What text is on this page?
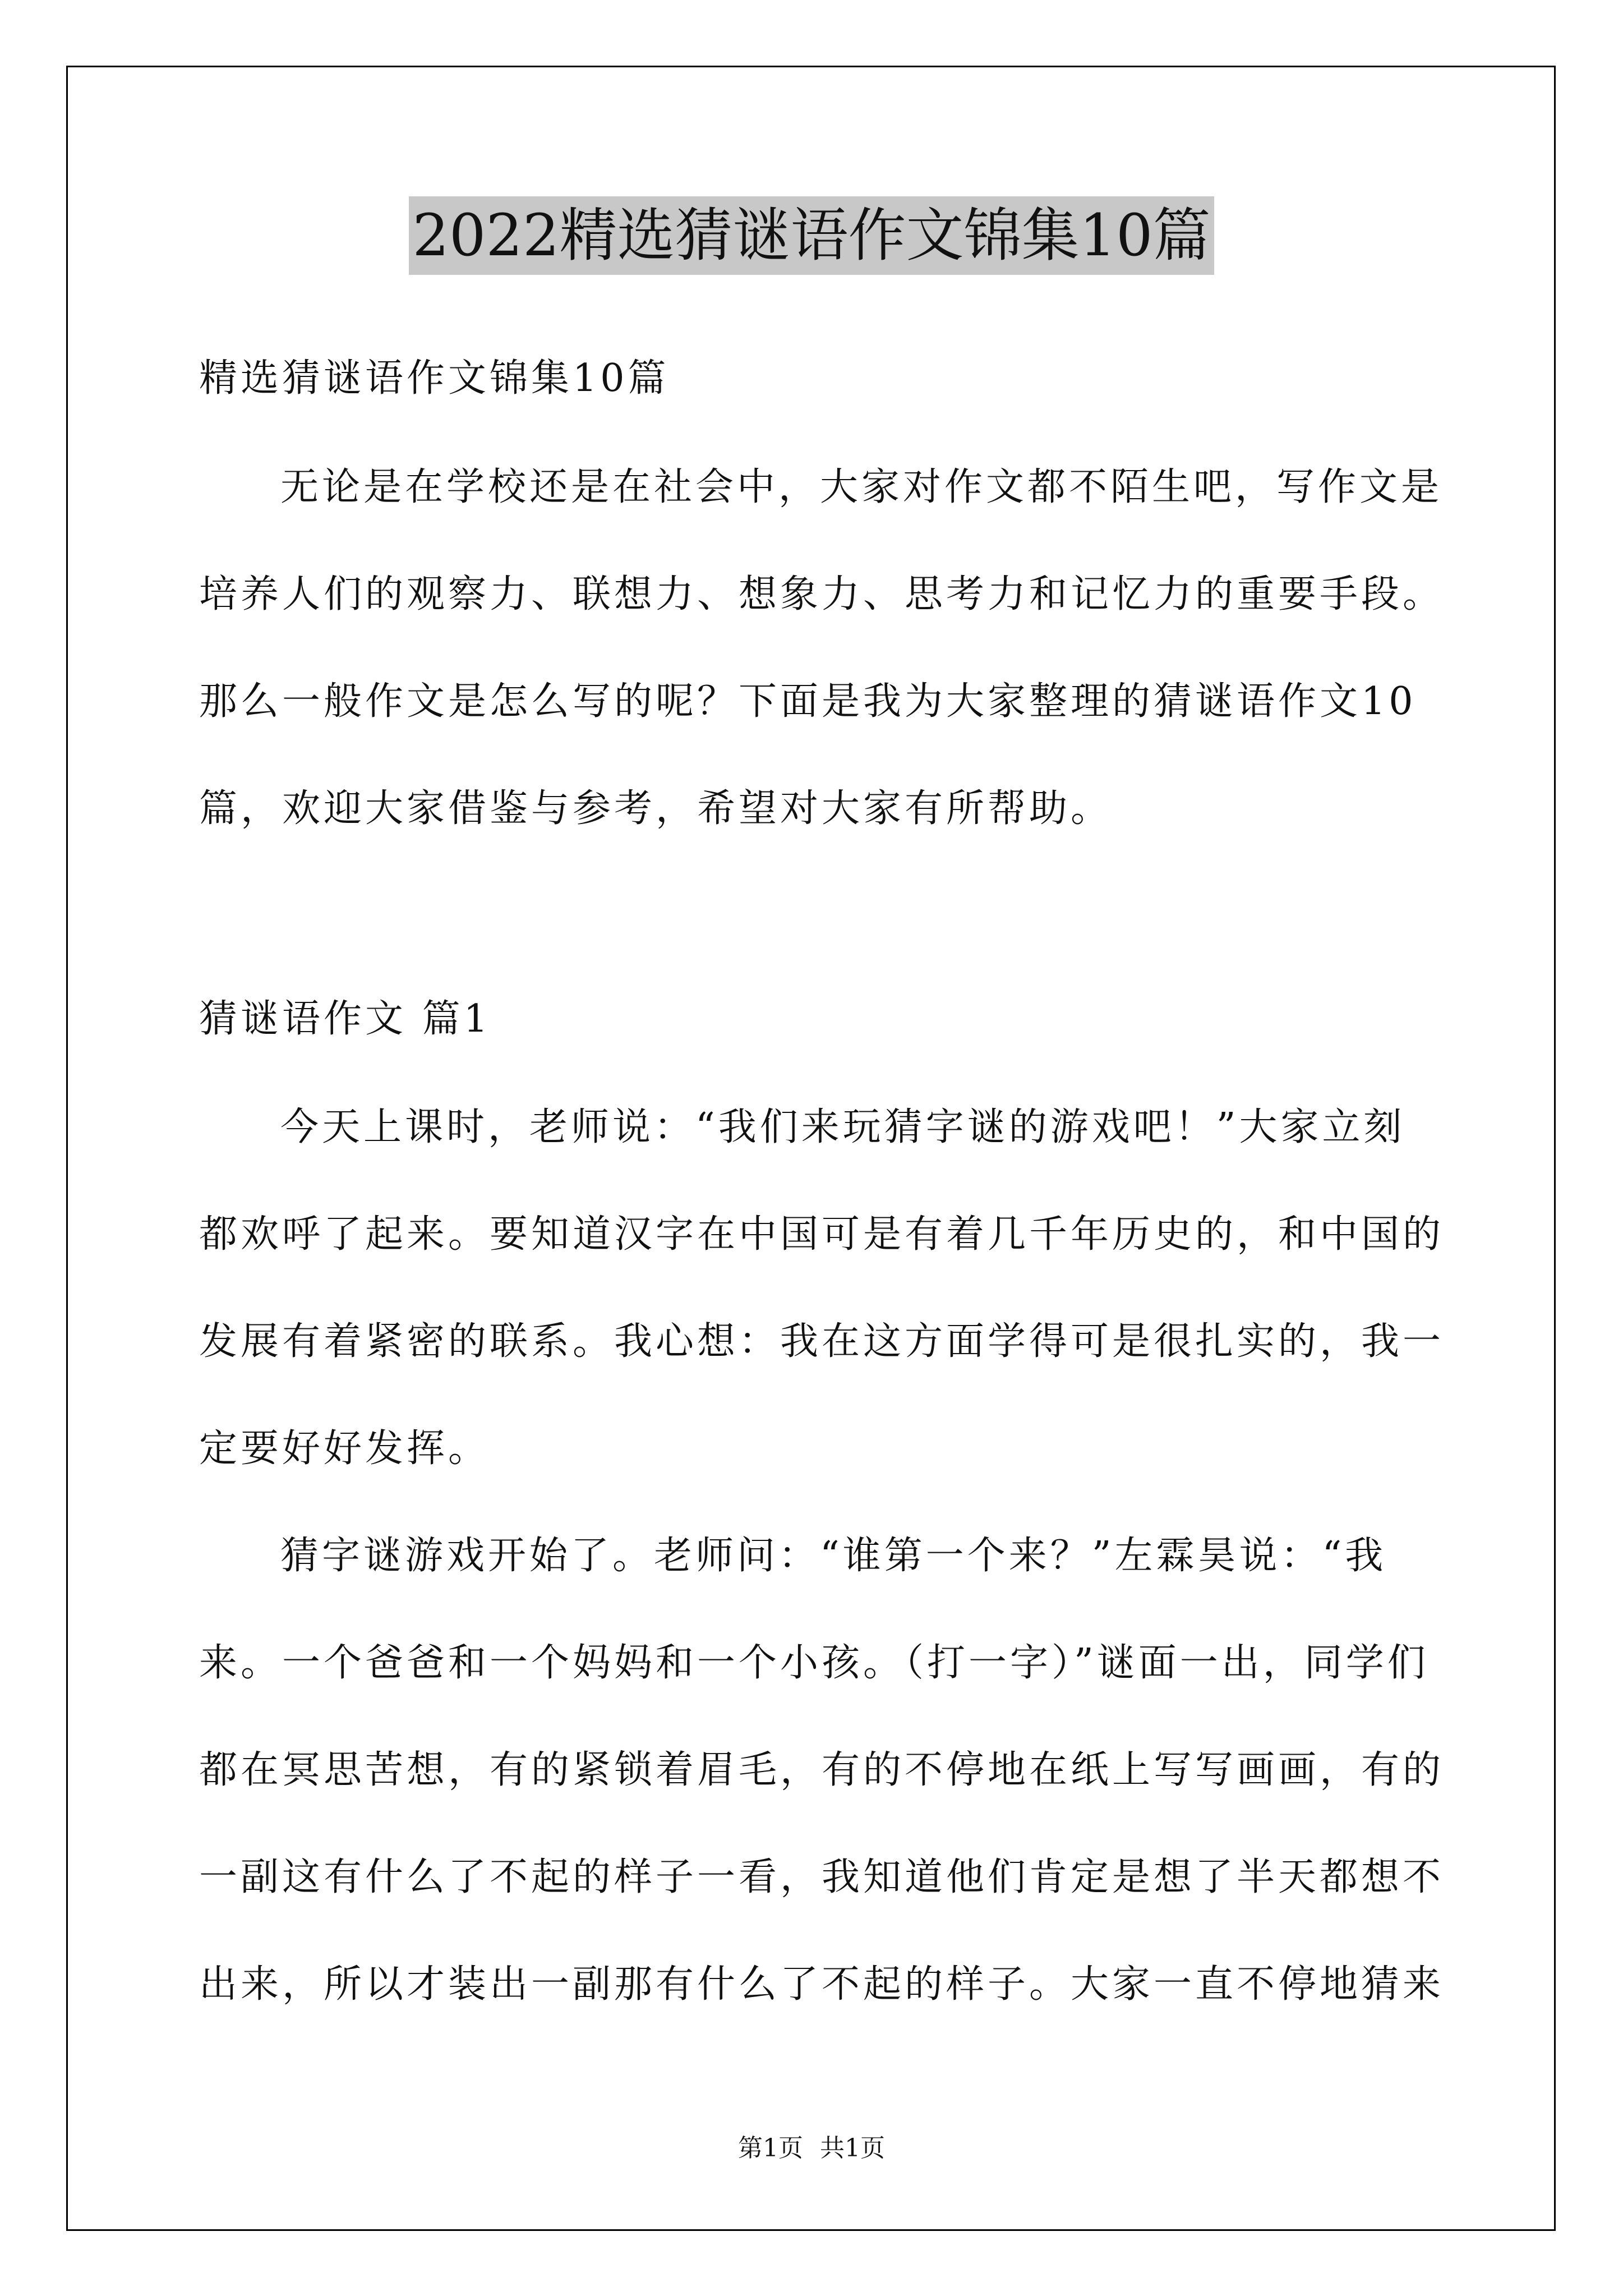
2022精选猜谜语作文锦集10篇
精选猜谜语作文锦集10篇
无论是在学校还是在社会中，大家对作文都不陌生吧，写作文是
培养人们的观察力、联想力、想象力、思考力和记忆力的重要手段。
那么一般作文是怎么写的呢？下面是我为大家整理的猜谜语作文10
篇，欢迎大家借鉴与参考，希望对大家有所帮助。
猜谜语作文 篇1
今天上课时，老师说：“我们来玩猜字谜的游戏吧！”大家立刻
都欢呼了起来。要知道汉字在中国可是有着几千年历史的，和中国的
发展有着紧密的联系。我心想：我在这方面学得可是很扎实的，我一
定要好好发挥。
猜字谜游戏开始了。老师问：“谁第一个来？”左霖昊说：“我
来。一个爸爸和一个妈妈和一个小孩。（打一字）”谜面一出，同学们
都在冥思苦想，有的紧锁着眉毛，有的不停地在纸上写写画画，有的
一副这有什么了不起的样子一看，我知道他们肯定是想了半天都想不
出来，所以才装出一副那有什么了不起的样子。大家一直不停地猜来
第1页 共1页
